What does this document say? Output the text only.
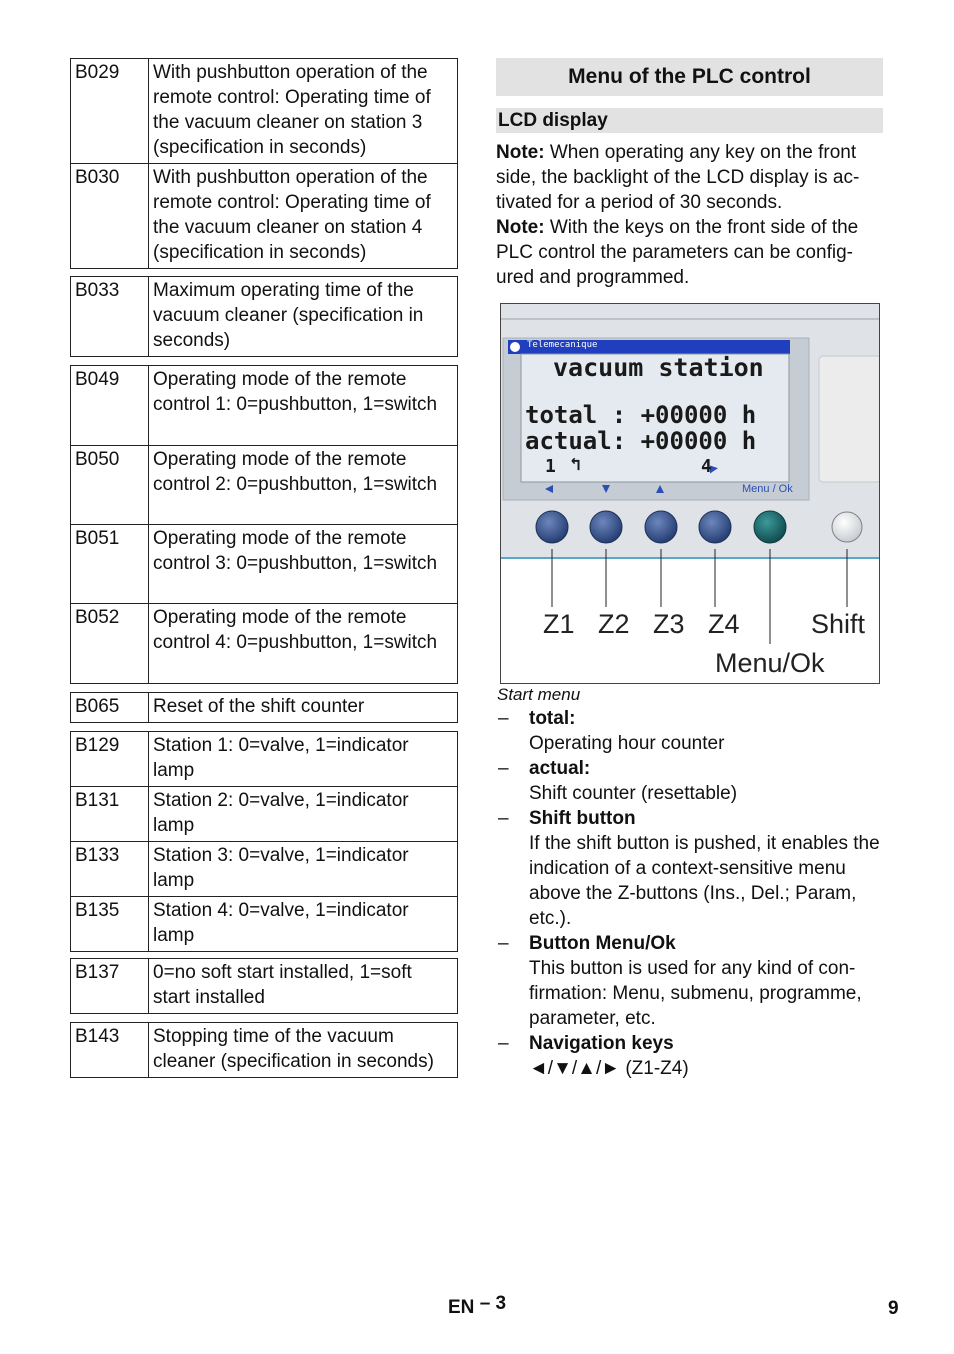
B029	With pushbutton operation of the remote control: Operating time of the vacuum cleaner on station 3 (specification in seconds)
B030	With pushbutton operation of the remote control: Operating time of the vacuum cleaner on station 4 (specification in seconds)
B033	Maximum operating time of the vacuum cleaner (specification in seconds)
B049	Operating mode of the remote control 1: 0=pushbutton, 1=switch
B050	Operating mode of the remote control 2: 0=pushbutton, 1=switch
B051	Operating mode of the remote control 3: 0=pushbutton, 1=switch
B052	Operating mode of the remote control 4: 0=pushbutton, 1=switch
B065	Reset of the shift counter
B129	Station 1: 0=valve, 1=indicator lamp
B131	Station 2: 0=valve, 1=indicator lamp
B133	Station 3: 0=valve, 1=indicator lamp
B135	Station 4: 0=valve, 1=indicator lamp
B137	0=no soft start installed, 1=soft start installed
B143	Stopping time of the vacuum cleaner (specification in seconds)
Menu of the PLC control
LCD display

Note: When operating any key on the front side, the backlight of the LCD display is ac-tivated for a period of 30 seconds.

Note: With the keys on the front side of the PLC control the parameters can be config-ured and programmed.

Telemecanique
vacuum station
total : +00000 h
actual: +00000 h
1 ↰	4
Menu / Ok
Z1 Z2 Z3 Z4	Shift
Menu/Ok
Start menu
– total:
Operating hour counter
– actual:
Shift counter (resettable)
– Shift button
If the shift button is pushed, it enables the indication of a context-sensitive menu above the Z-buttons (Ins., Del.; Param, etc.).
– Button Menu/Ok
This button is used for any kind of con-firmation: Menu, submenu, programme, parameter, etc.
– Navigation keys
◄/▼/▲/► (Z1-Z4)
EN – 3	9
